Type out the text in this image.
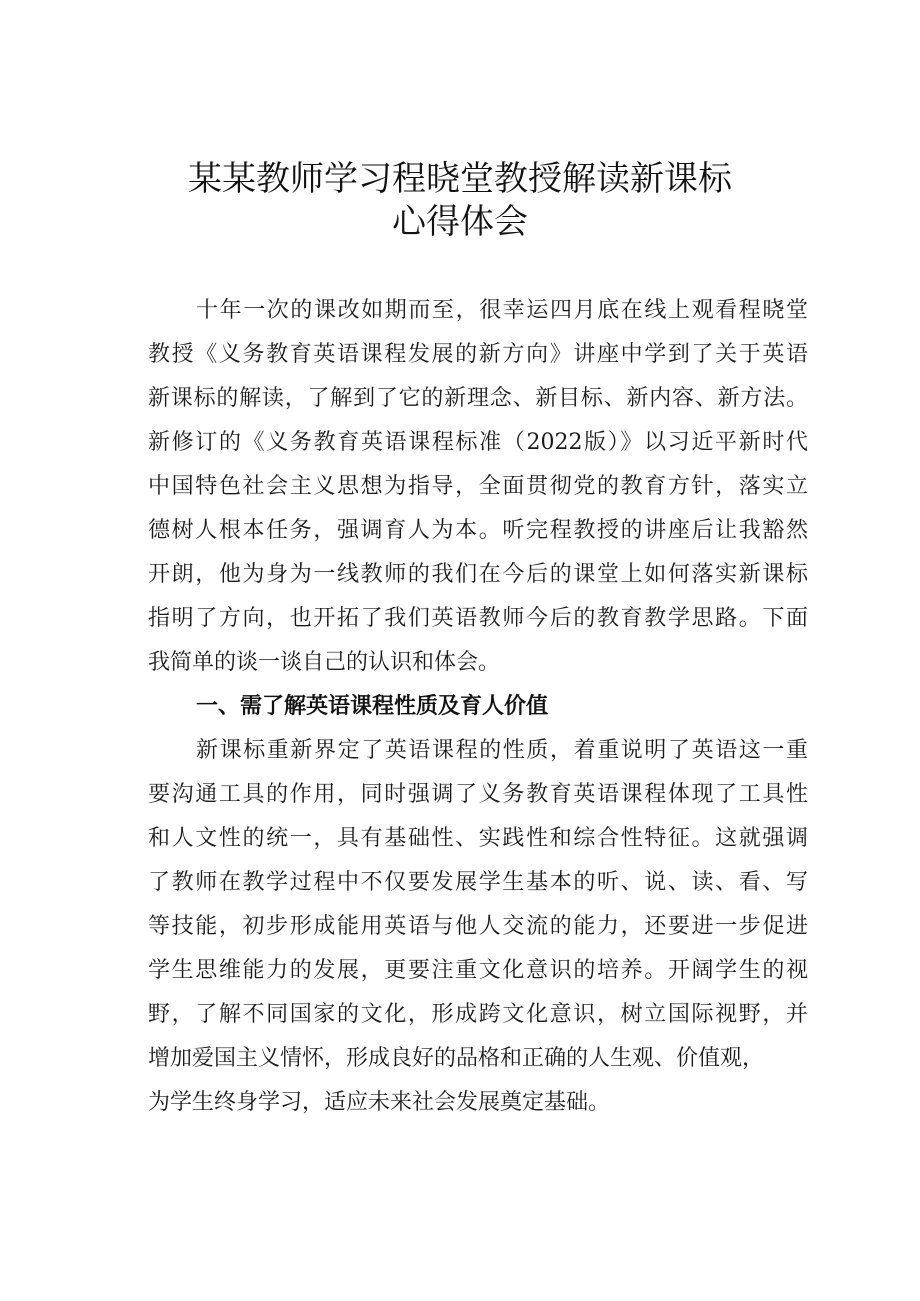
某某教师学习程晓堂教授解读新课标
心得体会
十年一次的课改如期而至，很幸运四月底在线上观看程晓堂
教授《义务教育英语课程发展的新方向》讲座中学到了关于英语
新课标的解读，了解到了它的新理念、新目标、新内容、新方法。
新修订的《义务教育英语课程标准（2022版）》以习近平新时代
中国特色社会主义思想为指导，全面贯彻党的教育方针，落实立
德树人根本任务，强调育人为本。听完程教授的讲座后让我豁然
开朗，他为身为一线教师的我们在今后的课堂上如何落实新课标
指明了方向，也开拓了我们英语教师今后的教育教学思路。下面
我简单的谈一谈自己的认识和体会。
一、需了解英语课程性质及育人价值
新课标重新界定了英语课程的性质，着重说明了英语这一重
要沟通工具的作用，同时强调了义务教育英语课程体现了工具性
和人文性的统一，具有基础性、实践性和综合性特征。这就强调
了教师在教学过程中不仅要发展学生基本的听、说、读、看、写
等技能，初步形成能用英语与他人交流的能力，还要进一步促进
学生思维能力的发展，更要注重文化意识的培养。开阔学生的视
野，了解不同国家的文化，形成跨文化意识，树立国际视野，并
增加爱国主义情怀，形成良好的品格和正确的人生观、价值观，
为学生终身学习，适应未来社会发展奠定基础。
